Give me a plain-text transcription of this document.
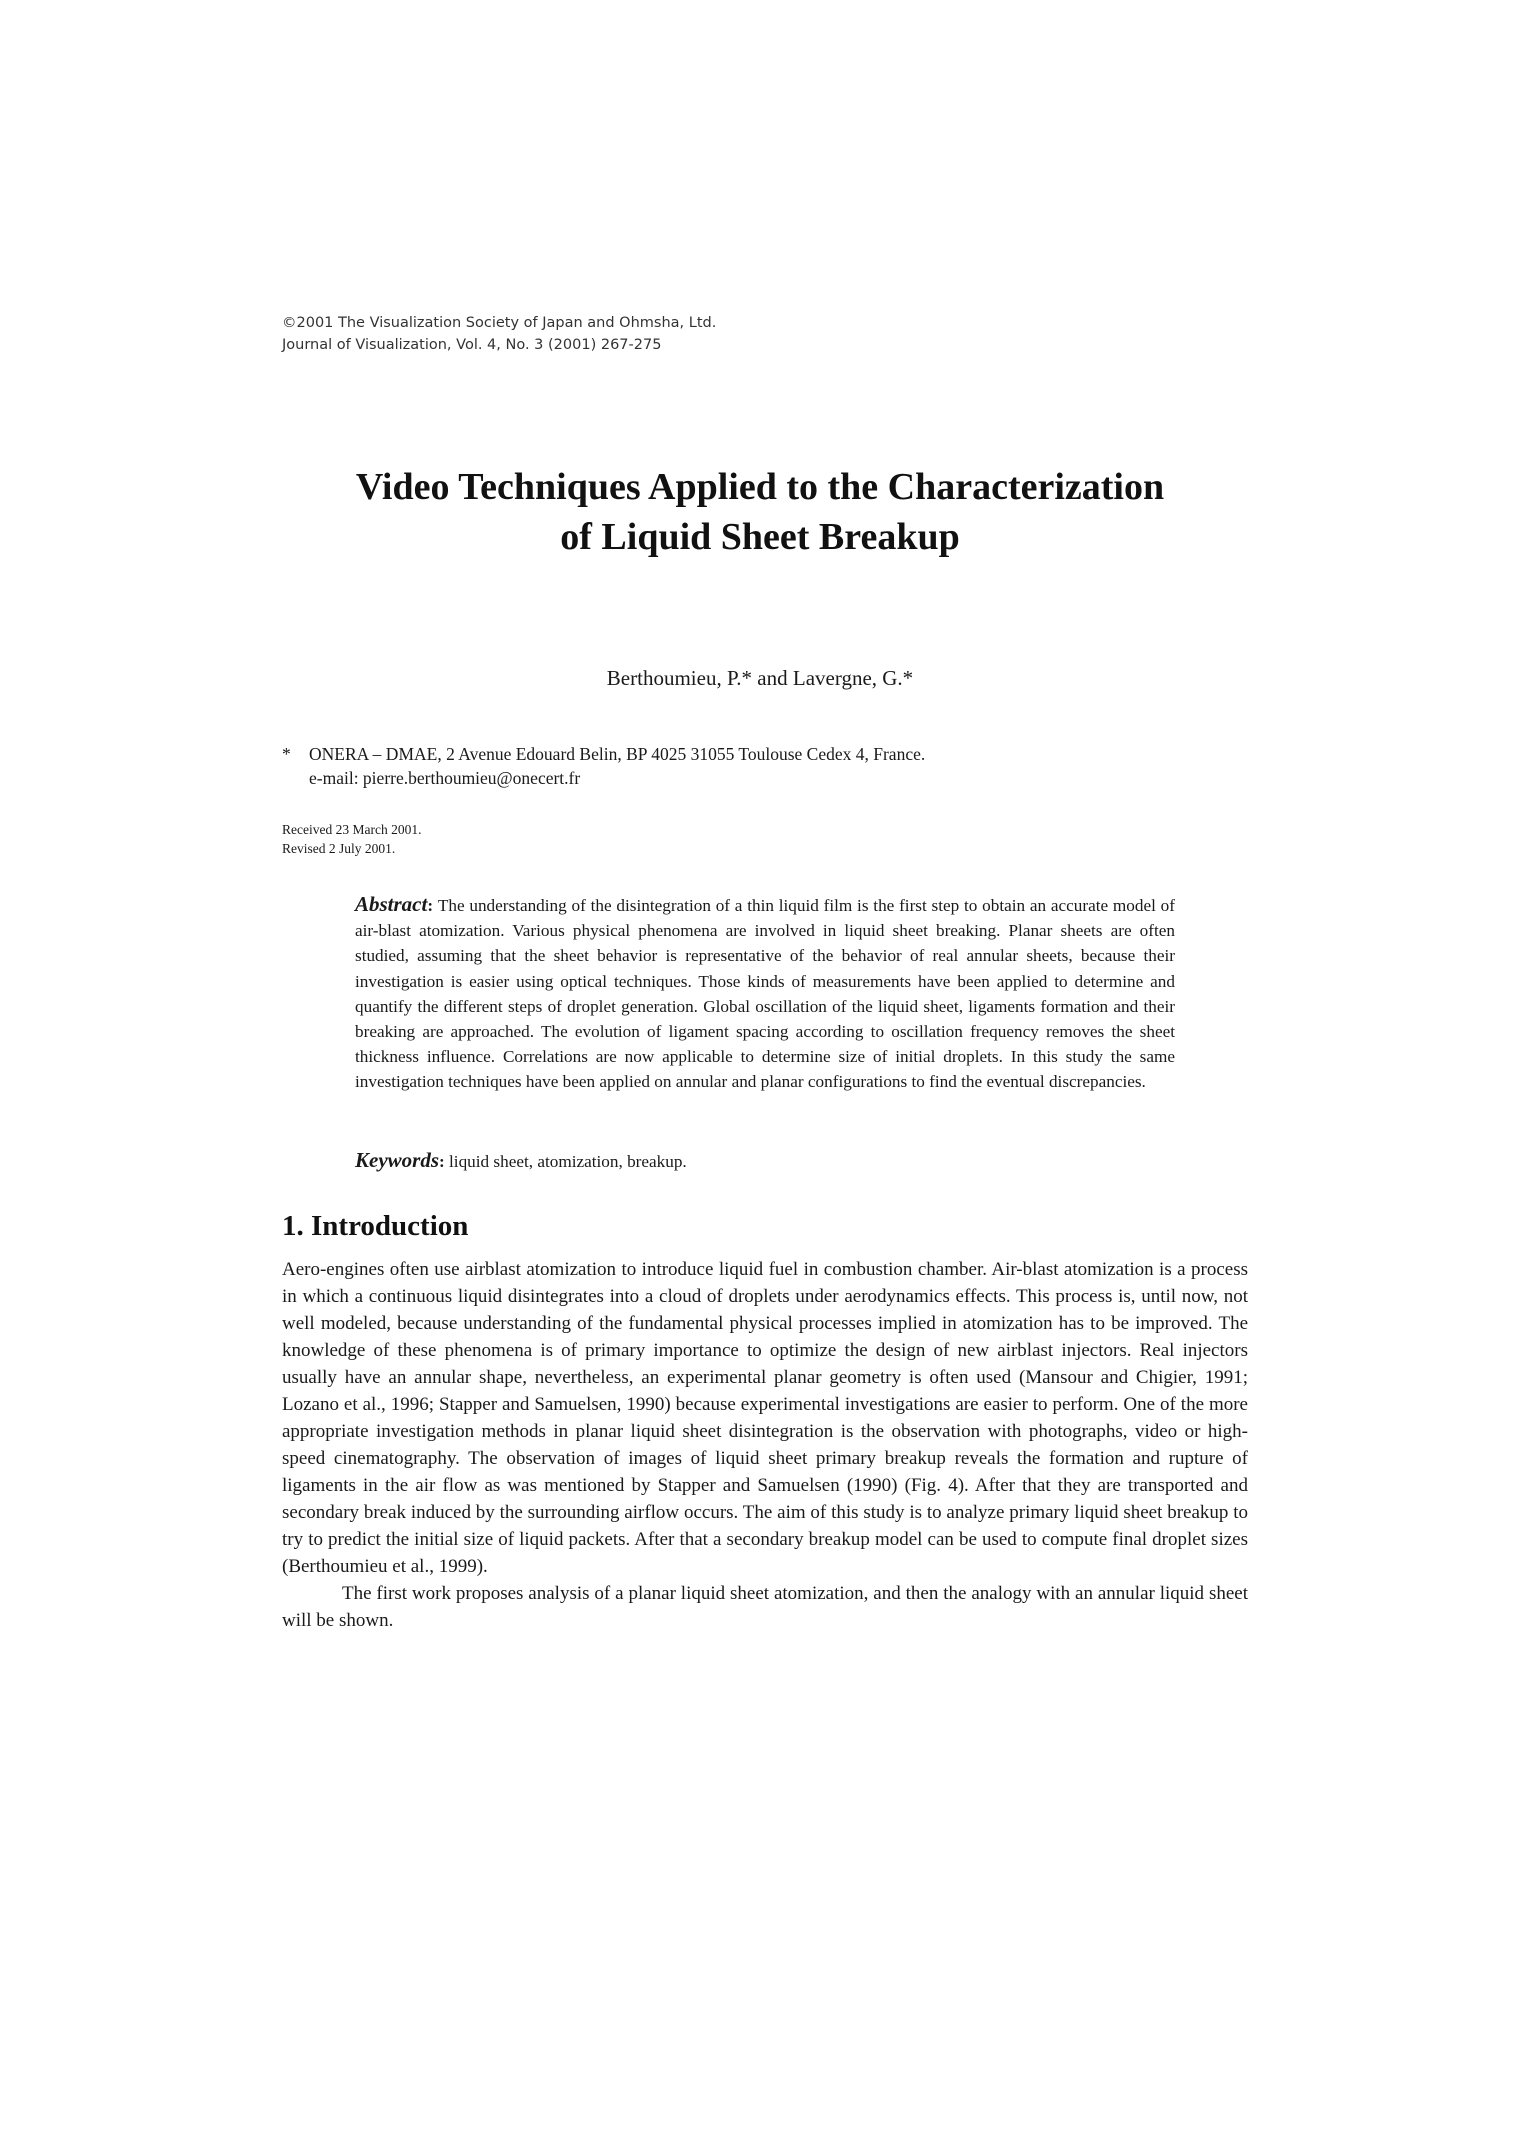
©2001 The Visualization Society of Japan and Ohmsha, Ltd.
Journal of Visualization, Vol. 4, No. 3 (2001) 267-275
Video Techniques Applied to the Characterization
of Liquid Sheet Breakup
Berthoumieu, P.* and Lavergne, G.*
* ONERA – DMAE, 2 Avenue Edouard Belin, BP 4025 31055 Toulouse Cedex 4, France.
e-mail: pierre.berthoumieu@onecert.fr
Received 23 March 2001.
Revised 2 July 2001.
Abstract: The understanding of the disintegration of a thin liquid film is the first step to obtain an accurate model of air-blast atomization. Various physical phenomena are involved in liquid sheet breaking. Planar sheets are often studied, assuming that the sheet behavior is representative of the behavior of real annular sheets, because their investigation is easier using optical techniques. Those kinds of measurements have been applied to determine and quantify the different steps of droplet generation. Global oscillation of the liquid sheet, ligaments formation and their breaking are approached. The evolution of ligament spacing according to oscillation frequency removes the sheet thickness influence. Correlations are now applicable to determine size of initial droplets. In this study the same investigation techniques have been applied on annular and planar configurations to find the eventual discrepancies.
Keywords: liquid sheet, atomization, breakup.
1. Introduction

Aero-engines often use airblast atomization to introduce liquid fuel in combustion chamber. Air-blast atomization is a process in which a continuous liquid disintegrates into a cloud of droplets under aerodynamics effects. This process is, until now, not well modeled, because understanding of the fundamental physical processes implied in atomization has to be improved. The knowledge of these phenomena is of primary importance to optimize the design of new airblast injectors. Real injectors usually have an annular shape, nevertheless, an experimental planar geometry is often used (Mansour and Chigier, 1991; Lozano et al., 1996; Stapper and Samuelsen, 1990) because experimental investigations are easier to perform. One of the more appropriate investigation methods in planar liquid sheet disintegration is the observation with photographs, video or high-speed cinematography. The observation of images of liquid sheet primary breakup reveals the formation and rupture of ligaments in the air flow as was mentioned by Stapper and Samuelsen (1990) (Fig. 4). After that they are transported and secondary break induced by the surrounding airflow occurs. The aim of this study is to analyze primary liquid sheet breakup to try to predict the initial size of liquid packets. After that a secondary breakup model can be used to compute final droplet sizes (Berthoumieu et al., 1999).

The first work proposes analysis of a planar liquid sheet atomization, and then the analogy with an annular liquid sheet will be shown.
